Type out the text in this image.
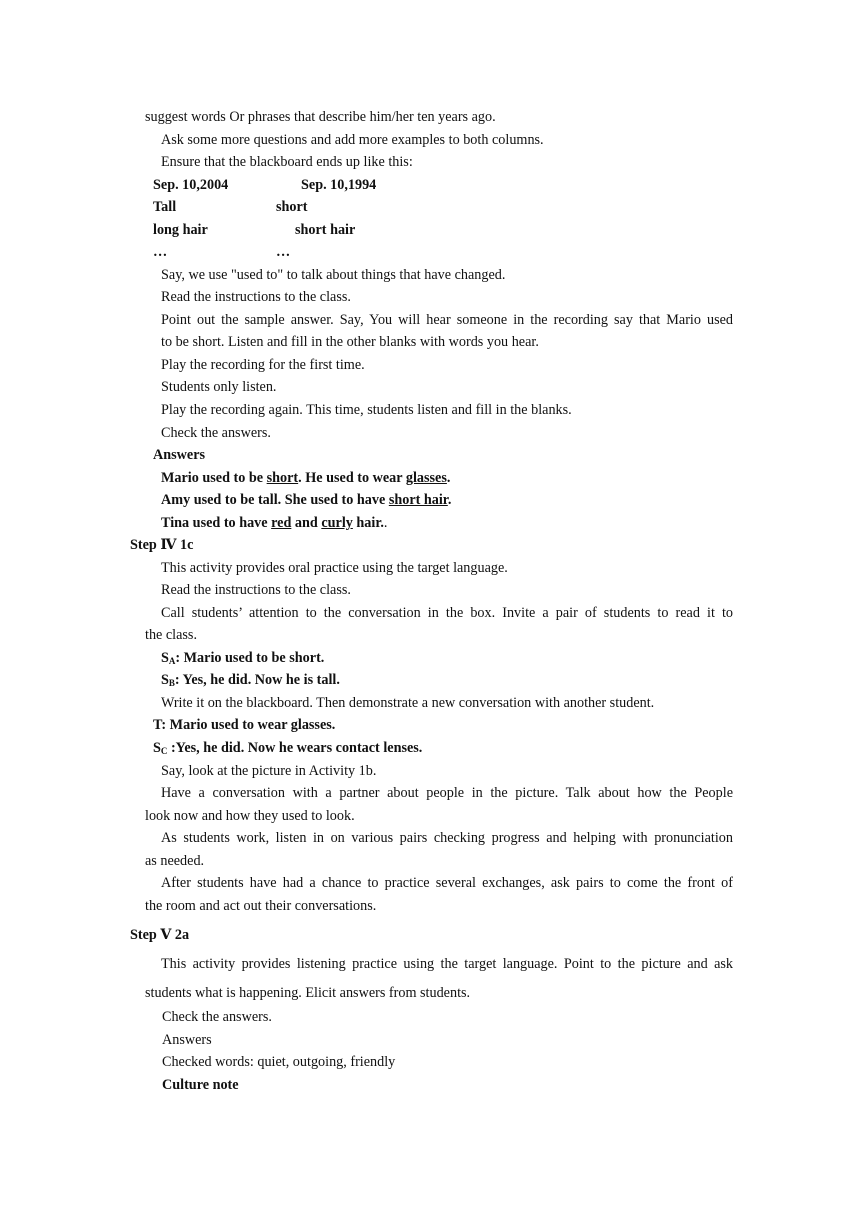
suggest words Or phrases that describe him/her ten years ago.
Ask some more questions and add more examples to both columns.
Ensure that the blackboard ends up like this:
Sep. 10,2004	Sep. 10,1994
Tall	short
long hair	short hair
…	…
Say, we use "used to" to talk about things that have changed.
Read the instructions to the class.
Point out the sample answer. Say, You will hear someone in the recording say that Mario used
to be short. Listen and fill in the other blanks with words you hear.
Play the recording for the first time.
Students only listen.
Play the recording again. This time, students listen and fill in the blanks.
Check the answers.
Answers
Mario used to be short. He used to wear glasses.
Amy used to be tall. She used to have short hair.
Tina used to have red and curly hair..
Step Ⅳ 1c
This activity provides oral practice using the target language.
Read the instructions to the class.
Call students’ attention to the conversation in the box. Invite a pair of students to read it to
the class.
$S_A$: Mario used to be short.
$S_B$: Yes, he did. Now he is tall.
Write it on the blackboard. Then demonstrate a new conversation with another student.
T: Mario used to wear glasses.
$S_C$ :Yes, he did. Now he wears contact lenses.
Say, look at the picture in Activity 1b.
Have a conversation with a partner about people in the picture. Talk about how the People
look now and how they used to look.
As students work, listen in on various pairs checking progress and helping with pronunciation
as needed.
After students have had a chance to practice several exchanges, ask pairs to come the front of
the room and act out their conversations.
Step Ⅴ 2a
This activity provides listening practice using the target language. Point to the picture and ask
students what is happening. Elicit answers from students.
Check the answers.
Answers
Checked words: quiet, outgoing, friendly
Culture note
